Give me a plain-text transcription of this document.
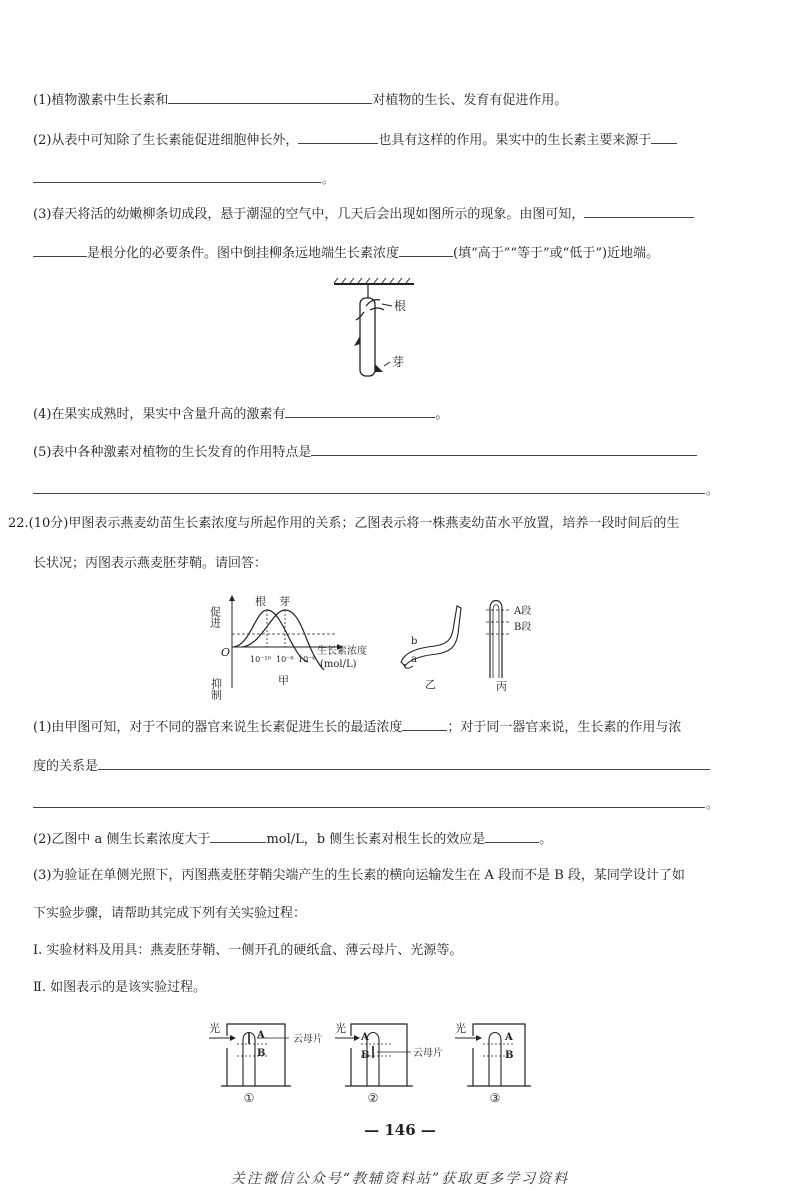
(1)植物激素中生长素和	对植物的生长、发育有促进作用。
(2)从表中可知除了生长素能促进细胞伸长外，	也具有这样的作用。果实中的生长素主要来源于
。
(3)春天将活的幼嫩柳条切成段，悬于潮湿的空气中，几天后会出现如图所示的现象。由图可知，
是根分化的必要条件。图中倒挂柳条远地端生长素浓度	(填“高于”“等于”或“低于”)近地端。
根
芽
(4)在果实成熟时，果实中含量升高的激素有	。
(5)表中各种激素对植物的生长发育的作用特点是
。
22.(10分)甲图表示燕麦幼苗生长素浓度与所起作用的关系；乙图表示将一株燕麦幼苗水平放置，培养一段时间后的生
长状况；丙图表示燕麦胚芽鞘。请回答：
促进
抑制
O
根 芽
10⁻¹⁰ 10⁻⁸ 10⁻⁶
生长素浓度
(mol/L)
甲
b
a
乙
A段
B段
丙
(1)由甲图可知，对于不同的器官来说生长素促进生长的最适浓度	；对于同一器官来说，生长素的作用与浓
度的关系是
。
(2)乙图中 a 侧生长素浓度大于	mol/L，b 侧生长素对根生长的效应是	。
(3)为验证在单侧光照下，丙图燕麦胚芽鞘尖端产生的生长素的横向运输发生在 A 段而不是 B 段，某同学设计了如
下实验步骤，请帮助其完成下列有关实验过程：
Ⅰ. 实验材料及用具：燕麦胚芽鞘、一侧开孔的硬纸盒、薄云母片、光源等。
Ⅱ. 如图表示的是该实验过程。
光
A
B
云母片
①
光
A
B	云母片
②
光
A
B
③
— 146 —
关注微信公众号“教辅资料站”获取更多学习资料
